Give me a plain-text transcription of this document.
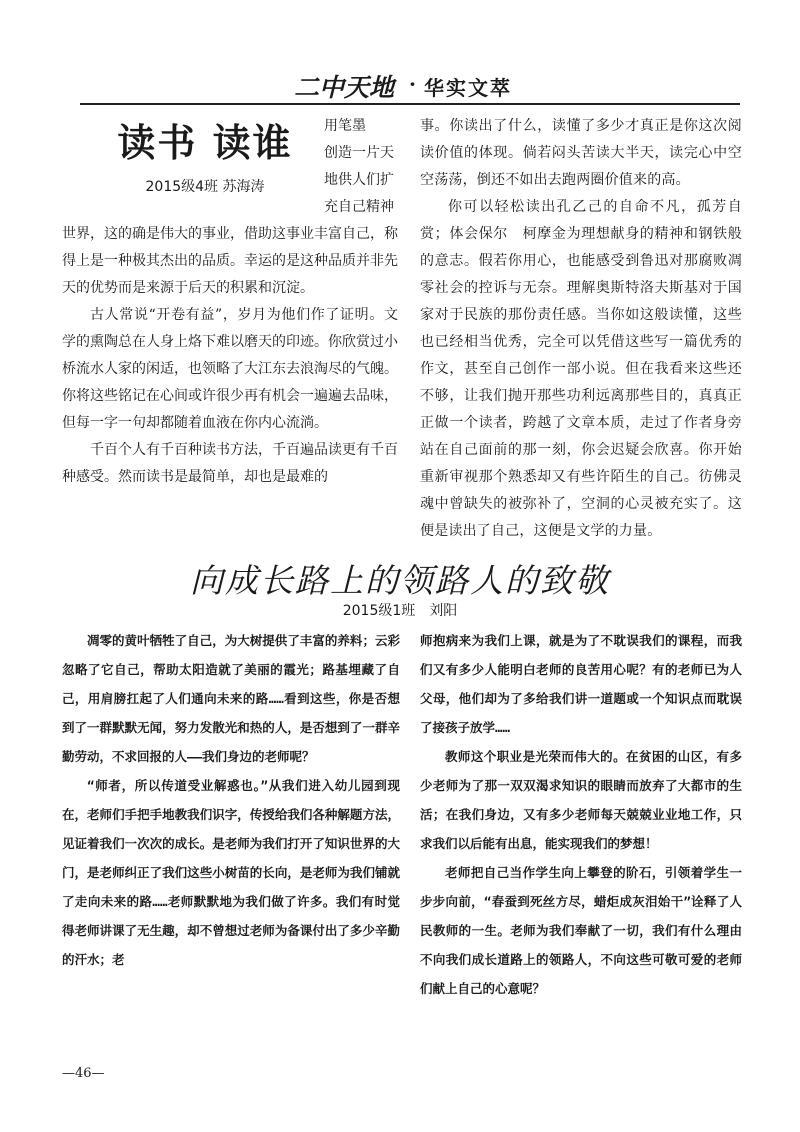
二中天地 · 华实文萃
读书 读谁
2015级4班 苏海涛
用笔墨
创造一片天
地供人们扩
充自己精神

世界，这的确是伟大的事业，借助这事业丰富自己，称得上是一种极其杰出的品质。幸运的是这种品质并非先天的优势而是来源于后天的积累和沉淀。

古人常说“开卷有益”，岁月为他们作了证明。文学的熏陶总在人身上烙下难以磨天的印迹。你欣赏过小桥流水人家的闲适，也领略了大江东去浪淘尽的气魄。你将这些铭记在心间或许很少再有机会一遍遍去品味，但每一字一句却都随着血液在你内心流淌。

千百个人有千百种读书方法，千百遍品读更有千百种感受。然而读书是最简单，却也是最难的

事。你读出了什么，读懂了多少才真正是你这次阅读价值的体现。倘若闷头苦读大半天，读完心中空空荡荡，倒还不如出去跑两圈价值来的高。

你可以轻松读出孔乙己的自命不凡，孤芳自赏；体会保尔　柯摩金为理想献身的精神和钢铁般的意志。假若你用心，也能感受到鲁迅对那腐败凋零社会的控诉与无奈。理解奥斯特洛夫斯基对于国家对于民族的那份责任感。当你如这般读懂，这些也已经相当优秀，完全可以凭借这些写一篇优秀的作文，甚至自己创作一部小说。但在我看来这些还不够，让我们抛开那些功利远离那些目的，真真正正做一个读者，跨越了文章本质，走过了作者身旁站在自己面前的那一刻，你会迟疑会欣喜。你开始重新审视那个熟悉却又有些许陌生的自己。彷佛灵魂中曾缺失的被弥补了，空洞的心灵被充实了。这便是读出了自己，这便是文学的力量。

向成长路上的领路人的致敬
2015级1班　刘阳

凋零的黄叶牺牲了自己，为大树提供了丰富的养料；云彩忽略了它自己，帮助太阳造就了美丽的霞光；路基埋藏了自己，用肩膀扛起了人们通向未来的路……看到这些，你是否想到了一群默默无闻，努力发散光和热的人，是否想到了一群辛勤劳动，不求回报的人——我们身边的老师呢？

“师者，所以传道受业解惑也。”从我们进入幼儿园到现在，老师们手把手地教我们识字，传授给我们各种解题方法，见证着我们一次次的成长。是老师为我们打开了知识世界的大门，是老师纠正了我们这些小树苗的长向，是老师为我们铺就了走向未来的路……老师默默地为我们做了许多。我们有时觉得老师讲课了无生趣，却不曾想过老师为备课付出了多少辛勤的汗水；老

师抱病来为我们上课，就是为了不耽误我们的课程，而我们又有多少人能明白老师的良苦用心呢？有的老师已为人父母，他们却为了多给我们讲一道题或一个知识点而耽误了接孩子放学……

教师这个职业是光荣而伟大的。在贫困的山区，有多少老师为了那一双双渴求知识的眼睛而放弃了大都市的生活；在我们身边，又有多少老师每天兢兢业业地工作，只求我们以后能有出息，能实现我们的梦想！

老师把自己当作学生向上攀登的阶石，引领着学生一步步向前，“春蚕到死丝方尽，蜡炬成灰泪始干”诠释了人民教师的一生。老师为我们奉献了一切，我们有什么理由不向我们成长道路上的领路人，不向这些可敬可爱的老师们献上自己的心意呢？

—46—
